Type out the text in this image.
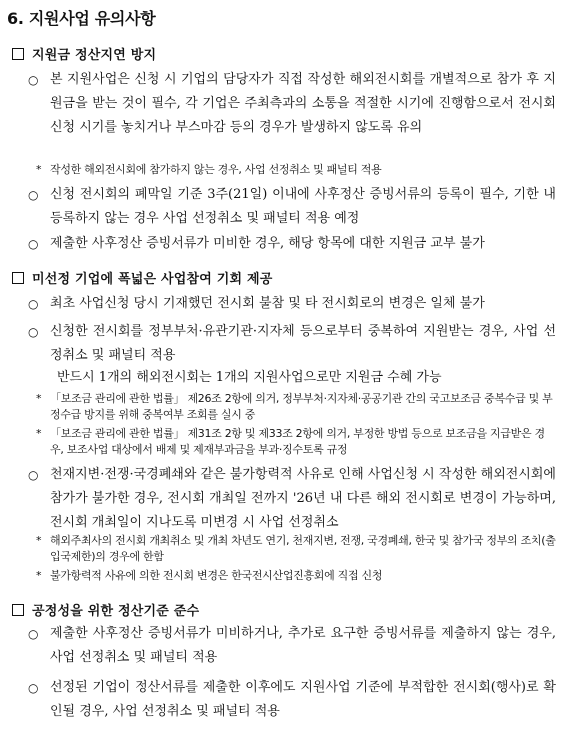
6. 지원사업 유의사항
지원금 정산지연 방지
○ 본 지원사업은 신청 시 기업의 담당자가 직접 작성한 해외전시회를 개별적으로 참가 후 지원금을 받는 것이 필수, 각 기업은 주최측과의 소통을 적절한 시기에 진행함으로서 전시회 신청 시기를 놓치거나 부스마감 등의 경우가 발생하지 않도록 유의
* 작성한 해외전시회에 참가하지 않는 경우, 사업 선정취소 및 패널티 적용
○ 신청 전시회의 폐막일 기준 3주(21일) 이내에 사후정산 증빙서류의 등록이 필수, 기한 내 등록하지 않는 경우 사업 선정취소 및 패널티 적용 예정
○ 제출한 사후정산 증빙서류가 미비한 경우, 해당 항목에 대한 지원금 교부 불가
미선정 기업에 폭넓은 사업참여 기회 제공
○ 최초 사업신청 당시 기재했던 전시회 불참 및 타 전시회로의 변경은 일체 불가
○ 신청한 전시회를 정부부처·유관기관·지자체 등으로부터 중복하여 지원받는 경우, 사업 선정취소 및 패널티 적용
반드시 1개의 해외전시회는 1개의 지원사업으로만 지원금 수혜 가능
* 「보조금 관리에 관한 법률」 제26조 2항에 의거, 정부부처·지자체·공공기관 간의 국고보조금 중복수급 및 부정수급 방지를 위해 중복여부 조회를 실시 중
* 「보조금 관리에 관한 법률」 제31조 2항 및 제33조 2항에 의거, 부정한 방법 등으로 보조금을 지급받은 경우, 보조사업 대상에서 배제 및 제재부과금을 부과·징수토록 규정
○ 천재지변·전쟁·국경폐쇄와 같은 불가항력적 사유로 인해 사업신청 시 작성한 해외전시회에 참가가 불가한 경우, 전시회 개최일 전까지 '26년 내 다른 해외 전시회로 변경이 가능하며, 전시회 개최일이 지나도록 미변경 시 사업 선정취소
* 해외주최사의 전시회 개최취소 및 개최 차년도 연기, 천재지변, 전쟁, 국경폐쇄, 한국 및 참가국 정부의 조치(출입국제한)의 경우에 한함
* 불가항력적 사유에 의한 전시회 변경은 한국전시산업진흥회에 직접 신청
공정성을 위한 정산기준 준수
○ 제출한 사후정산 증빙서류가 미비하거나, 추가로 요구한 증빙서류를 제출하지 않는 경우, 사업 선정취소 및 패널티 적용
○ 선정된 기업이 정산서류를 제출한 이후에도 지원사업 기준에 부적합한 전시회(행사)로 확인될 경우, 사업 선정취소 및 패널티 적용
